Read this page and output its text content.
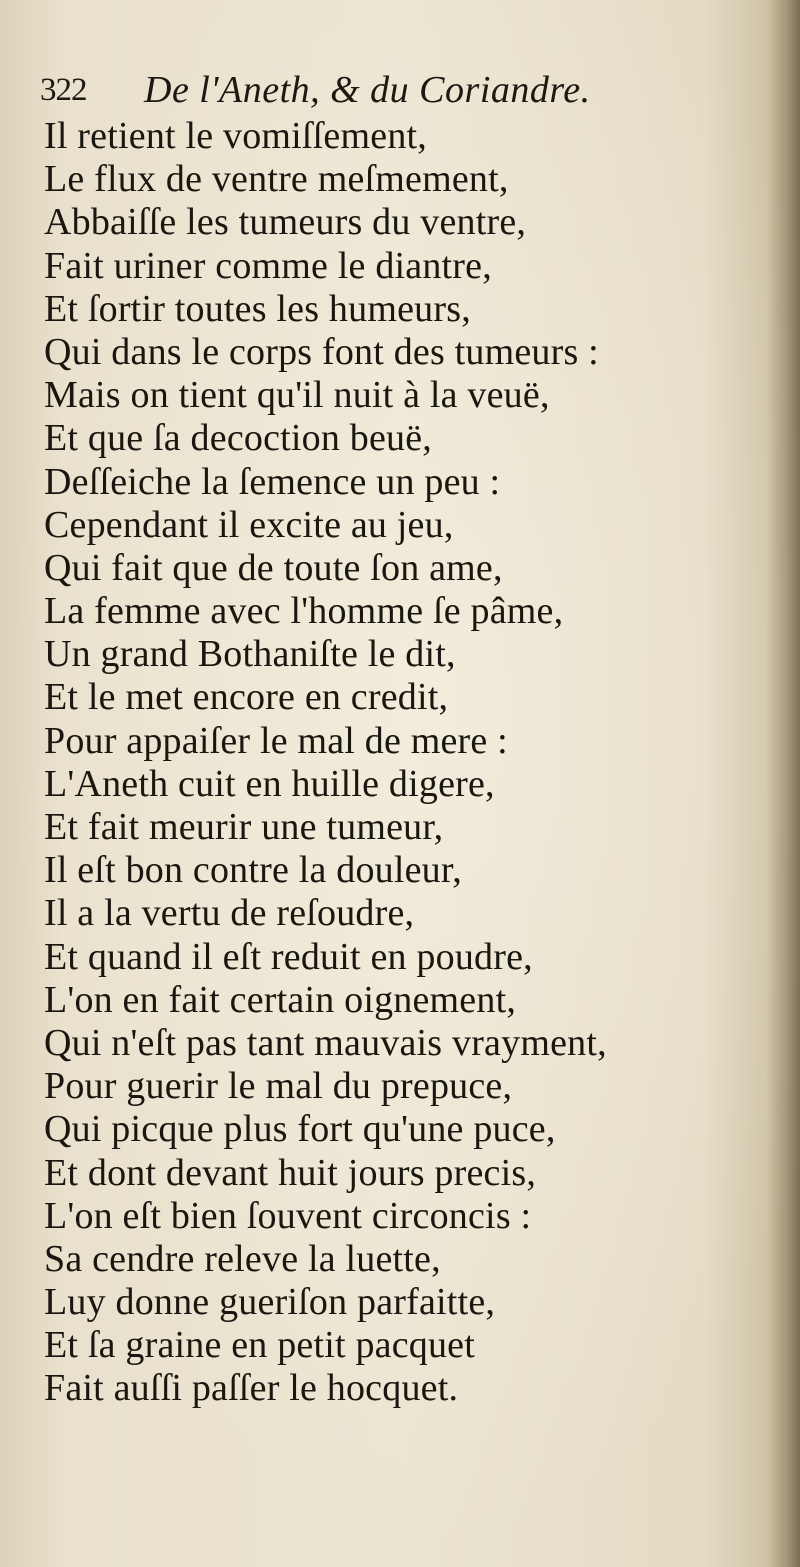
322 De l'Aneth, & du Coriandre.
Il retient le vomiſſement,
Le flux de ventre meſmement,
Abbaiſſe les tumeurs du ventre,
Fait uriner comme le diantre,
Et ſortir toutes les humeurs,
Qui dans le corps font des tumeurs :
Mais on tient qu'il nuit à la veuë,
Et que ſa decoction beuë,
Deſſeiche la ſemence un peu :
Cependant il excite au jeu,
Qui fait que de toute ſon ame,
La femme avec l'homme ſe pâme,
Un grand Bothaniſte le dit,
Et le met encore en credit,
Pour appaiſer le mal de mere :
L'Aneth cuit en huille digere,
Et fait meurir une tumeur,
Il eſt bon contre la douleur,
Il a la vertu de reſoudre,
Et quand il eſt reduit en poudre,
L'on en fait certain oignement,
Qui n'eſt pas tant mauvais vrayment,
Pour guerir le mal du prepuce,
Qui picque plus fort qu'une puce,
Et dont devant huit jours precis,
L'on eſt bien ſouvent circoncis :
Sa cendre releve la luette,
Luy donne gueriſon parfaitte,
Et ſa graine en petit pacquet
Fait auſſi paſſer le hocquet.
